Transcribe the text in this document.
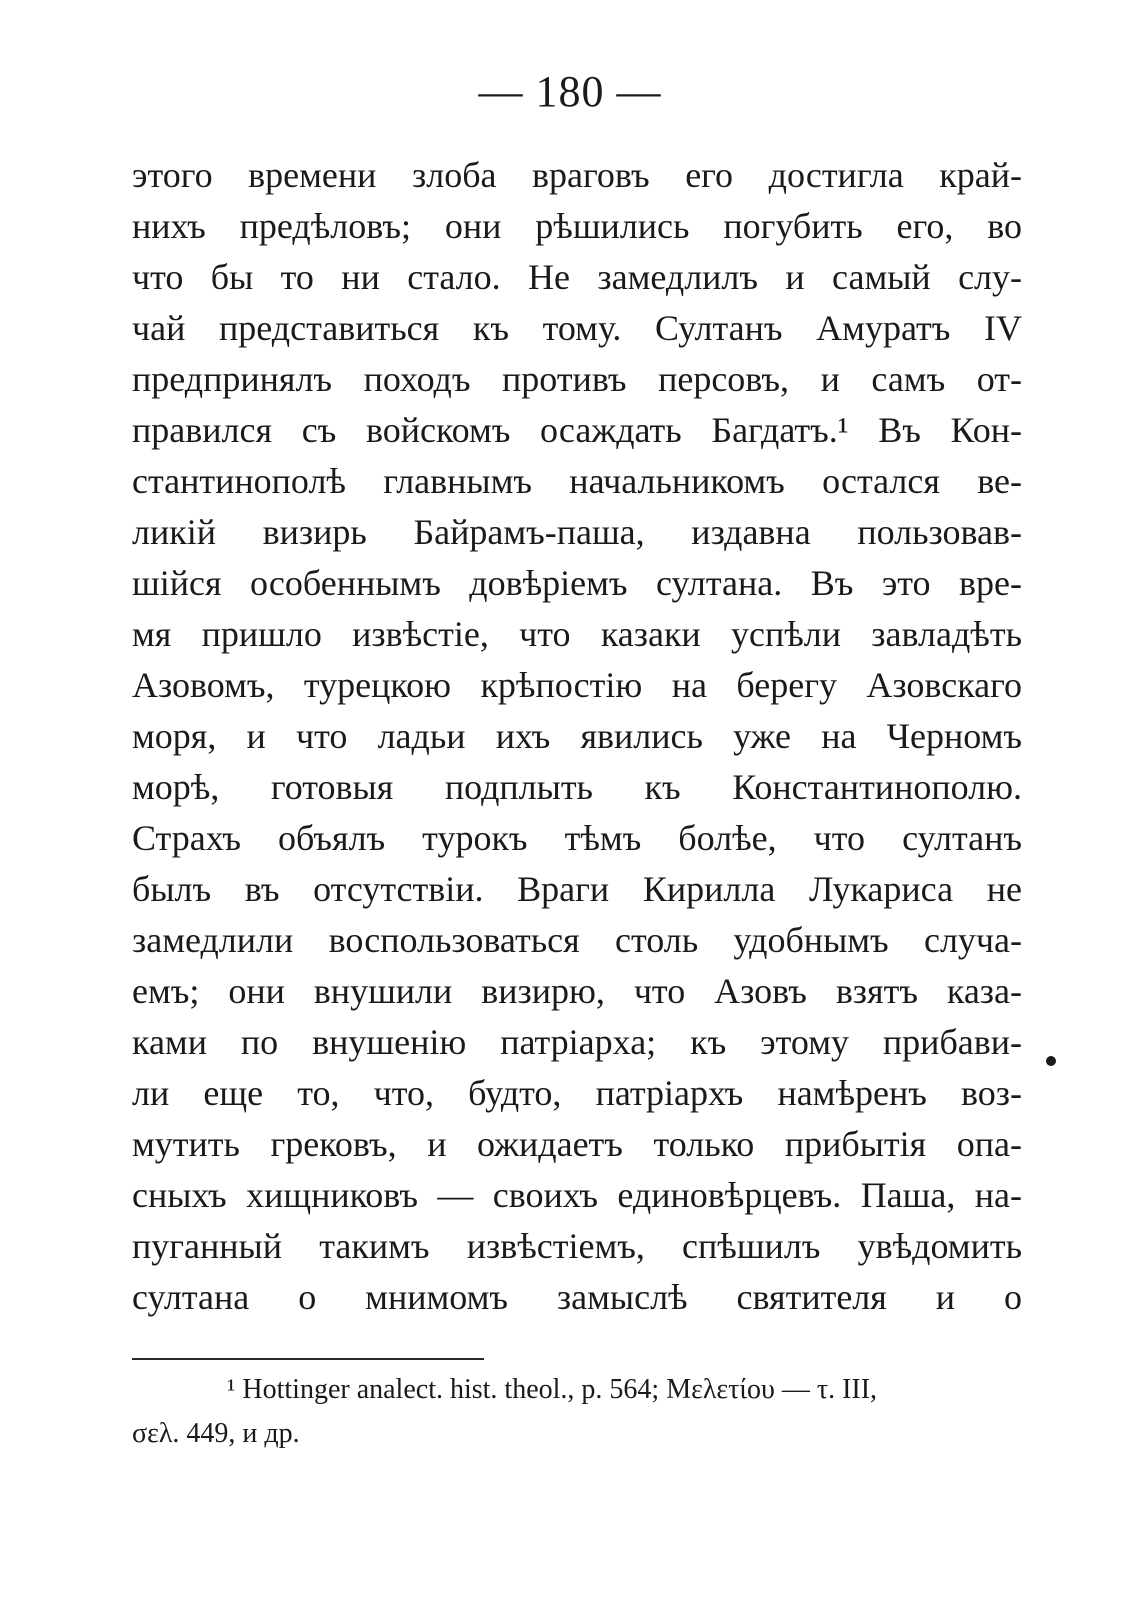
— 180 —
этого времени злоба враговъ его достигла край-
нихъ предѣловъ; они рѣшились погубить его, во
что бы то ни стало. Не замедлилъ и самый слу-
чай представиться къ тому. Султанъ Амуратъ IV
предпринялъ походъ противъ персовъ, и самъ от-
правился съ войскомъ осаждать Багдатъ.¹ Въ Кон-
стантинополѣ главнымъ начальникомъ остался ве-
ликій визирь Байрамъ-паша, издавна пользовав-
шійся особеннымъ довѣріемъ султана. Въ это вре-
мя пришло извѣстіе, что казаки успѣли завладѣть
Азовомъ, турецкою крѣпостію на берегу Азовскаго
моря, и что ладьи ихъ явились уже на Черномъ
морѣ, готовыя подплыть къ Константинополю.
Страхъ объялъ турокъ тѣмъ болѣе, что султанъ
былъ въ отсутствіи. Враги Кирилла Лукариса не
замедлили воспользоваться столь удобнымъ случа-
емъ; они внушили визирю, что Азовъ взятъ каза-
ками по внушенію патріарха; къ этому прибави-
ли еще то, что, будто, патріархъ намѣренъ воз-
мутить грековъ, и ожидаетъ только прибытія опа-
сныхъ хищниковъ — своихъ единовѣрцевъ. Паша, на-
пуганный такимъ извѣстіемъ, спѣшилъ увѣдомить
султана о мнимомъ замыслѣ святителя и о
¹ Hottinger analect. hist. theol., p. 564; Μελετίου — τ. III,
σελ. 449, и др.
